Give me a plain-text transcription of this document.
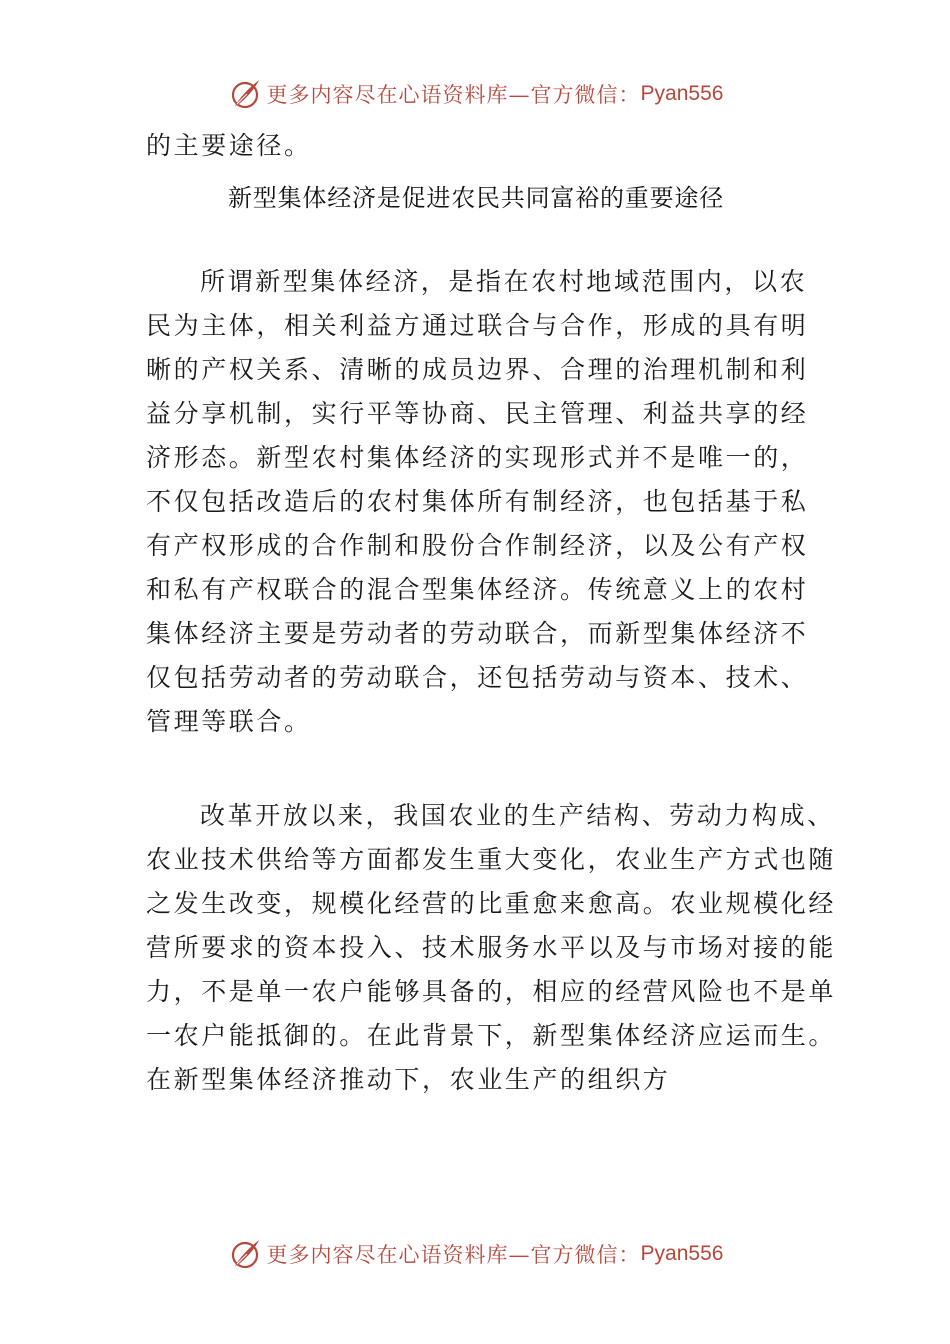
更多内容尽在心语资料库—官方微信： Pyan556
的主要途径。
新型集体经济是促进农民共同富裕的重要途径
所谓新型集体经济，是指在农村地域范围内，以农
民为主体，相关利益方通过联合与合作，形成的具有明
晰的产权关系、清晰的成员边界、合理的治理机制和利
益分享机制，实行平等协商、民主管理、利益共享的经
济形态。新型农村集体经济的实现形式并不是唯一的，
不仅包括改造后的农村集体所有制经济，也包括基于私
有产权形成的合作制和股份合作制经济，以及公有产权
和私有产权联合的混合型集体经济。传统意义上的农村
集体经济主要是劳动者的劳动联合，而新型集体经济不
仅包括劳动者的劳动联合，还包括劳动与资本、技术、
管理等联合。
改革开放以来，我国农业的生产结构、劳动力构成、
农业技术供给等方面都发生重大变化，农业生产方式也随
之发生改变，规模化经营的比重愈来愈高。农业规模化经
营所要求的资本投入、技术服务水平以及与市场对接的能
力，不是单一农户能够具备的，相应的经营风险也不是单
一农户能抵御的。在此背景下，新型集体经济应运而生。
在新型集体经济推动下，农业生产的组织方
更多内容尽在心语资料库—官方微信： Pyan556
